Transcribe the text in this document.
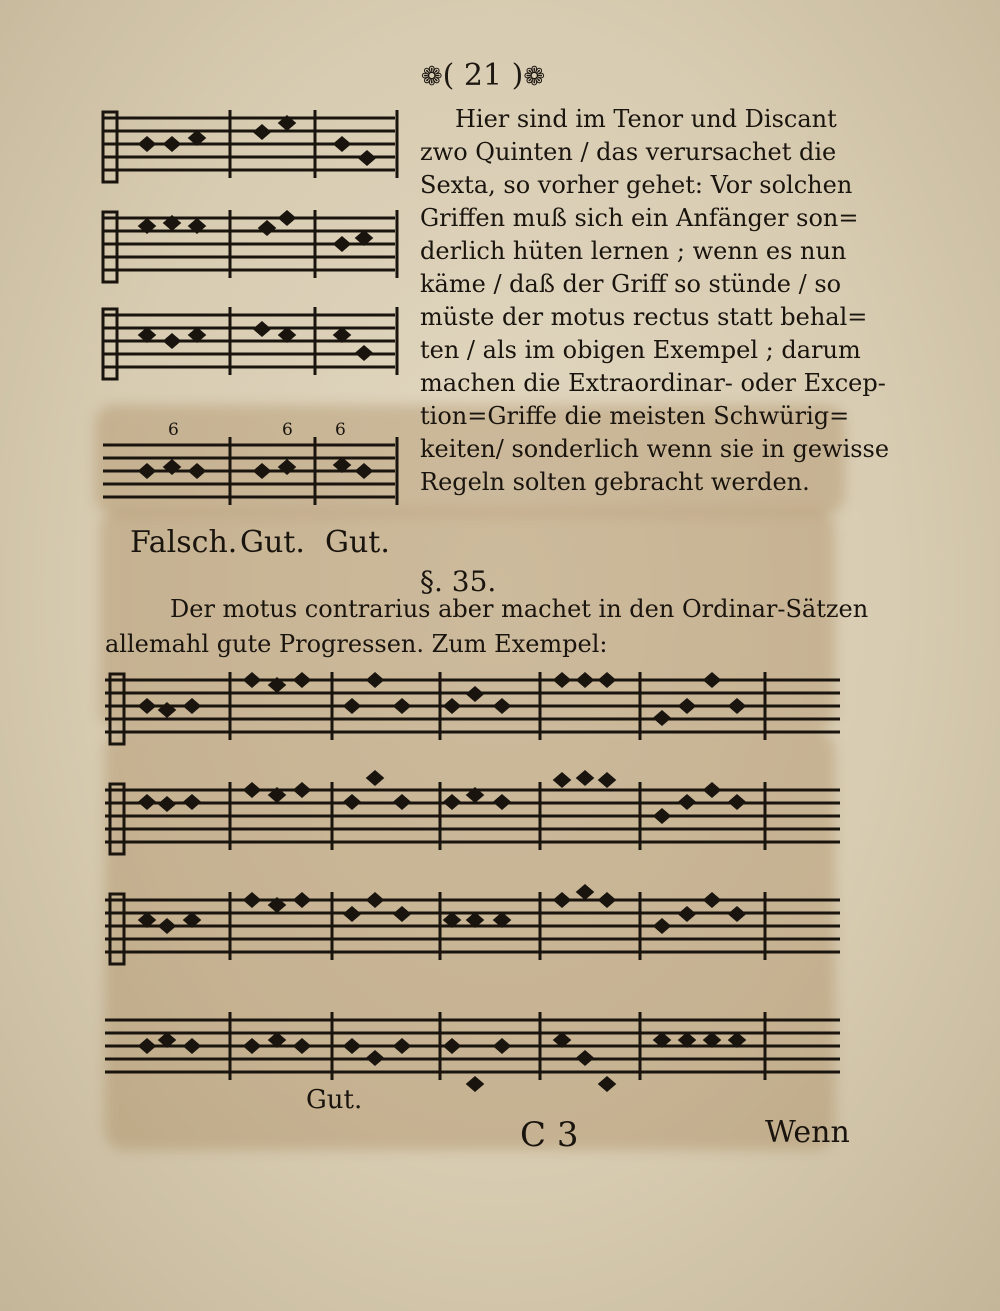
❁( 21 )❁
6	6 6
Falsch. Gut. Gut.
Hier sind im Tenor und Discant
zwo Quinten / das verursachet die
Sexta, so vorher gehet: Vor solchen
Griffen muß sich ein Anfänger son=
derlich hüten lernen ; wenn es nun
käme / daß der Griff so stünde / so
müste der motus rectus statt behal=
ten / als im obigen Exempel ; darum
machen die Extraordinar- oder Excep-
tion=Griffe die meisten Schwürig=
keiten/ sonderlich wenn sie in gewisse
Regeln solten gebracht werden.
§. 35.
Der motus contrarius aber machet in den Ordinar-Sätzen
allemahl gute Progressen. Zum Exempel:
Gut.
C 3	Wenn
